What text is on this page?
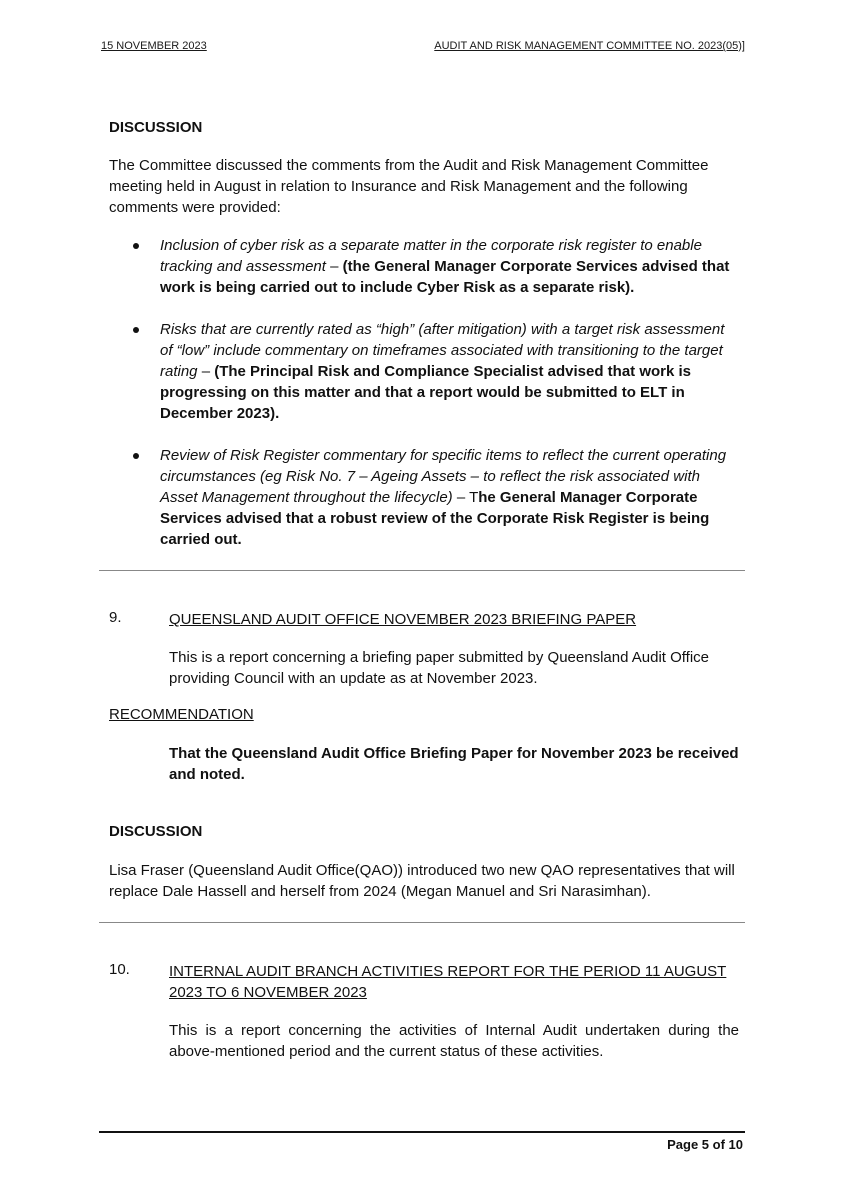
15 NOVEMBER 2023	AUDIT AND RISK MANAGEMENT COMMITTEE NO. 2023(05)]
DISCUSSION
The Committee discussed the comments from the Audit and Risk Management Committee meeting held in August in relation to Insurance and Risk Management and the following comments were provided:
Inclusion of cyber risk as a separate matter in the corporate risk register to enable tracking and assessment – (the General Manager Corporate Services advised that work is being carried out to include Cyber Risk as a separate risk).
Risks that are currently rated as “high” (after mitigation) with a target risk assessment of “low” include commentary on timeframes associated with transitioning to the target rating – (The Principal Risk and Compliance Specialist advised that work is progressing on this matter and that a report would be submitted to ELT in December 2023).
Review of Risk Register commentary for specific items to reflect the current operating circumstances (eg Risk No. 7 – Ageing Assets – to reflect the risk associated with Asset Management throughout the lifecycle) – The General Manager Corporate Services advised that a robust review of the Corporate Risk Register is being carried out.
9.	QUEENSLAND AUDIT OFFICE NOVEMBER 2023 BRIEFING PAPER
This is a report concerning a briefing paper submitted by Queensland Audit Office providing Council with an update as at November 2023.
RECOMMENDATION
That the Queensland Audit Office Briefing Paper for November 2023 be received and noted.
DISCUSSION
Lisa Fraser (Queensland Audit Office(QAO)) introduced two new QAO representatives that will replace Dale Hassell and herself from 2024 (Megan Manuel and Sri Narasimhan).
10.	INTERNAL AUDIT BRANCH ACTIVITIES REPORT FOR THE PERIOD 11 AUGUST 2023 TO 6 NOVEMBER 2023
This is a report concerning the activities of Internal Audit undertaken during the above-mentioned period and the current status of these activities.
Page 5 of 10
